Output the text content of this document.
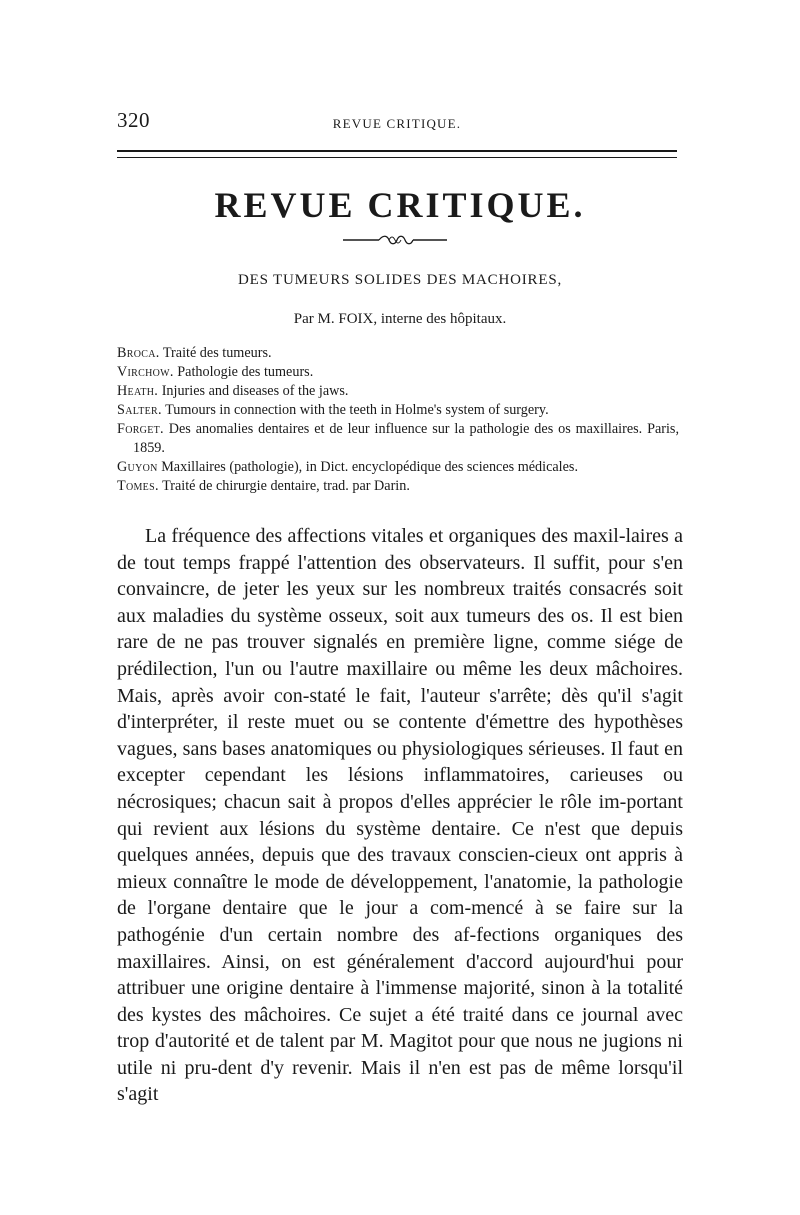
320	REVUE CRITIQUE.
REVUE CRITIQUE.
DES TUMEURS SOLIDES DES MACHOIRES,
Par M. FOIX, interne des hôpitaux.
Broca. Traité des tumeurs.
Virchow. Pathologie des tumeurs.
Heath. Injuries and diseases of the jaws.
Salter. Tumours in connection with the teeth in Holme's system of surgery.
Forget. Des anomalies dentaires et de leur influence sur la pathologie des os maxillaires. Paris, 1859.
Guyon Maxillaires (pathologie), in Dict. encyclopédique des sciences médicales.
Tomes. Traité de chirurgie dentaire, trad. par Darin.

La fréquence des affections vitales et organiques des maxil-laires a de tout temps frappé l'attention des observateurs. Il suffit, pour s'en convaincre, de jeter les yeux sur les nombreux traités consacrés soit aux maladies du système osseux, soit aux tumeurs des os. Il est bien rare de ne pas trouver signalés en première ligne, comme siége de prédilection, l'un ou l'autre maxillaire ou même les deux mâchoires. Mais, après avoir con-staté le fait, l'auteur s'arrête; dès qu'il s'agit d'interpréter, il reste muet ou se contente d'émettre des hypothèses vagues, sans bases anatomiques ou physiologiques sérieuses. Il faut en excepter cependant les lésions inflammatoires, carieuses ou nécrosiques; chacun sait à propos d'elles apprécier le rôle im-portant qui revient aux lésions du système dentaire. Ce n'est que depuis quelques années, depuis que des travaux conscien-cieux ont appris à mieux connaître le mode de développement, l'anatomie, la pathologie de l'organe dentaire que le jour a com-mencé à se faire sur la pathogénie d'un certain nombre des af-fections organiques des maxillaires. Ainsi, on est généralement d'accord aujourd'hui pour attribuer une origine dentaire à l'immense majorité, sinon à la totalité des kystes des mâchoires. Ce sujet a été traité dans ce journal avec trop d'autorité et de talent par M. Magitot pour que nous ne jugions ni utile ni pru-dent d'y revenir. Mais il n'en est pas de même lorsqu'il s'agit
